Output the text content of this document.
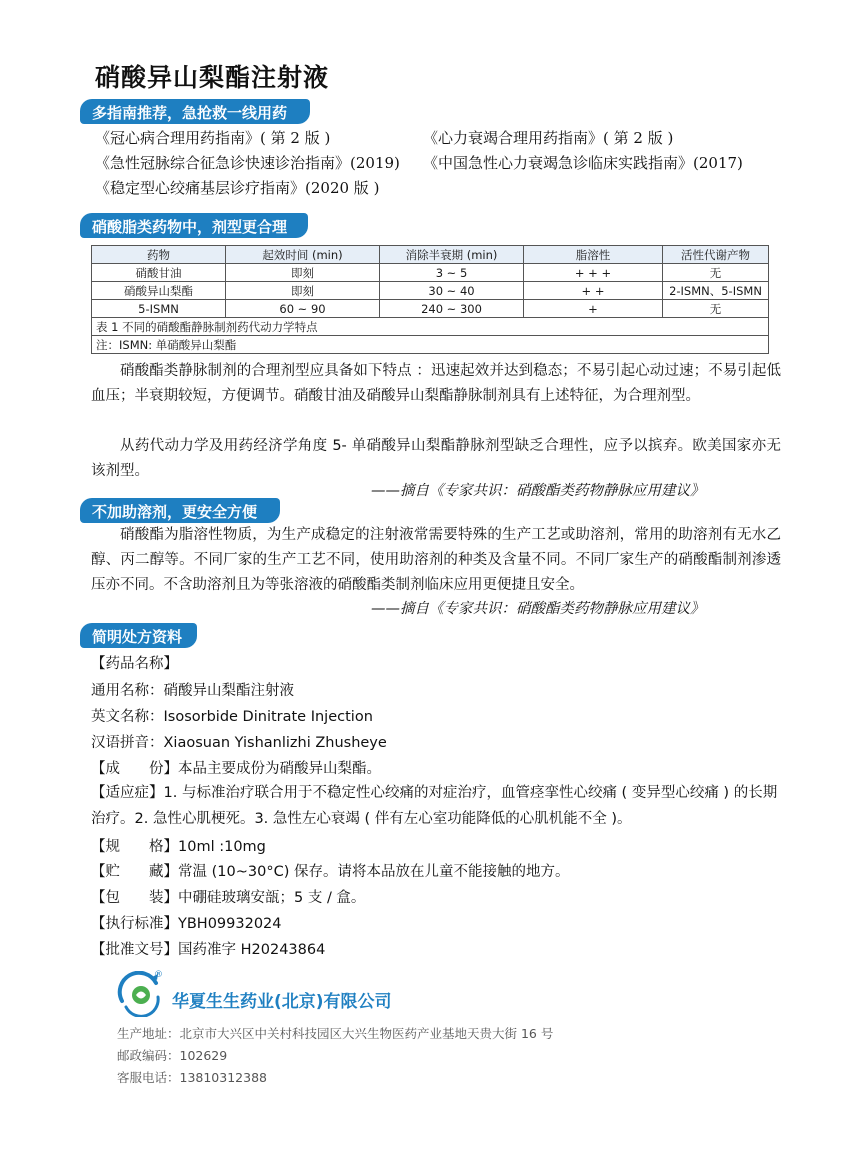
硝酸异山梨酯注射液
多指南推荐，急抢救一线用药
《冠心病合理用药指南》( 第 2 版 )	《心力衰竭合理用药指南》( 第 2 版 )
《急性冠脉综合征急诊快速诊治指南》(2019) 《中国急性心力衰竭急诊临床实践指南》(2017)
《稳定型心绞痛基层诊疗指南》(2020 版 )
硝酸脂类药物中，剂型更合理
药物	起效时间 (min)	消除半衰期 (min)	脂溶性	活性代谢产物
硝酸甘油	即刻	3 ~ 5	+ + +	无
硝酸异山梨酯	即刻	30 ~ 40	+ +	2-ISMN、5-ISMN
5-ISMN	60 ~ 90	240 ~ 300	+	无
表 1 不同的硝酸酯静脉制剂药代动力学特点				
注：ISMN: 单硝酸异山梨酯				

硝酸酯类静脉制剂的合理剂型应具备如下特点 ：迅速起效并达到稳态；不易引起心动过速；不易引起低血压；半衰期较短，方便调节。硝酸甘油及硝酸异山梨酯静脉制剂具有上述特征，为合理剂型。

从药代动力学及用药经济学角度 5- 单硝酸异山梨酯静脉剂型缺乏合理性，应予以摈弃。欧美国家亦无该剂型。

——摘自《专家共识：硝酸酯类药物静脉应用建议》
不加助溶剂，更安全方便

硝酸酯为脂溶性物质，为生产成稳定的注射液常需要特殊的生产工艺或助溶剂，常用的助溶剂有无水乙醇、丙二醇等。不同厂家的生产工艺不同，使用助溶剂的种类及含量不同。不同厂家生产的硝酸酯制剂渗透压亦不同。不含助溶剂且为等张溶液的硝酸酯类制剂临床应用更便捷且安全。

——摘自《专家共识：硝酸酯类药物静脉应用建议》
简明处方资料
【药品名称】
通用名称：硝酸异山梨酯注射液
英文名称：Isosorbide Dinitrate Injection
汉语拼音：Xiaosuan Yishanlizhi Zhusheye
【成　　份】本品主要成份为硝酸异山梨酯。

【适应症】1. 与标准治疗联合用于不稳定性心绞痛的对症治疗，血管痉挛性心绞痛 ( 变异型心绞痛 ) 的长期治疗。2. 急性心肌梗死。3. 急性左心衰竭 ( 伴有左心室功能降低的心肌机能不全 )。

【规　　格】10ml :10mg
【贮　　藏】常温 (10~30°C) 保存。请将本品放在儿童不能接触的地方。
【包　　装】中硼硅玻璃安瓿；5 支 / 盒。
【执行标准】YBH09932024
【批准文号】国药准字 H20243864
®
华夏生生药业(北京)有限公司
生产地址：北京市大兴区中关村科技园区大兴生物医药产业基地天贵大街 16 号
邮政编码：102629
客服电话：13810312388
